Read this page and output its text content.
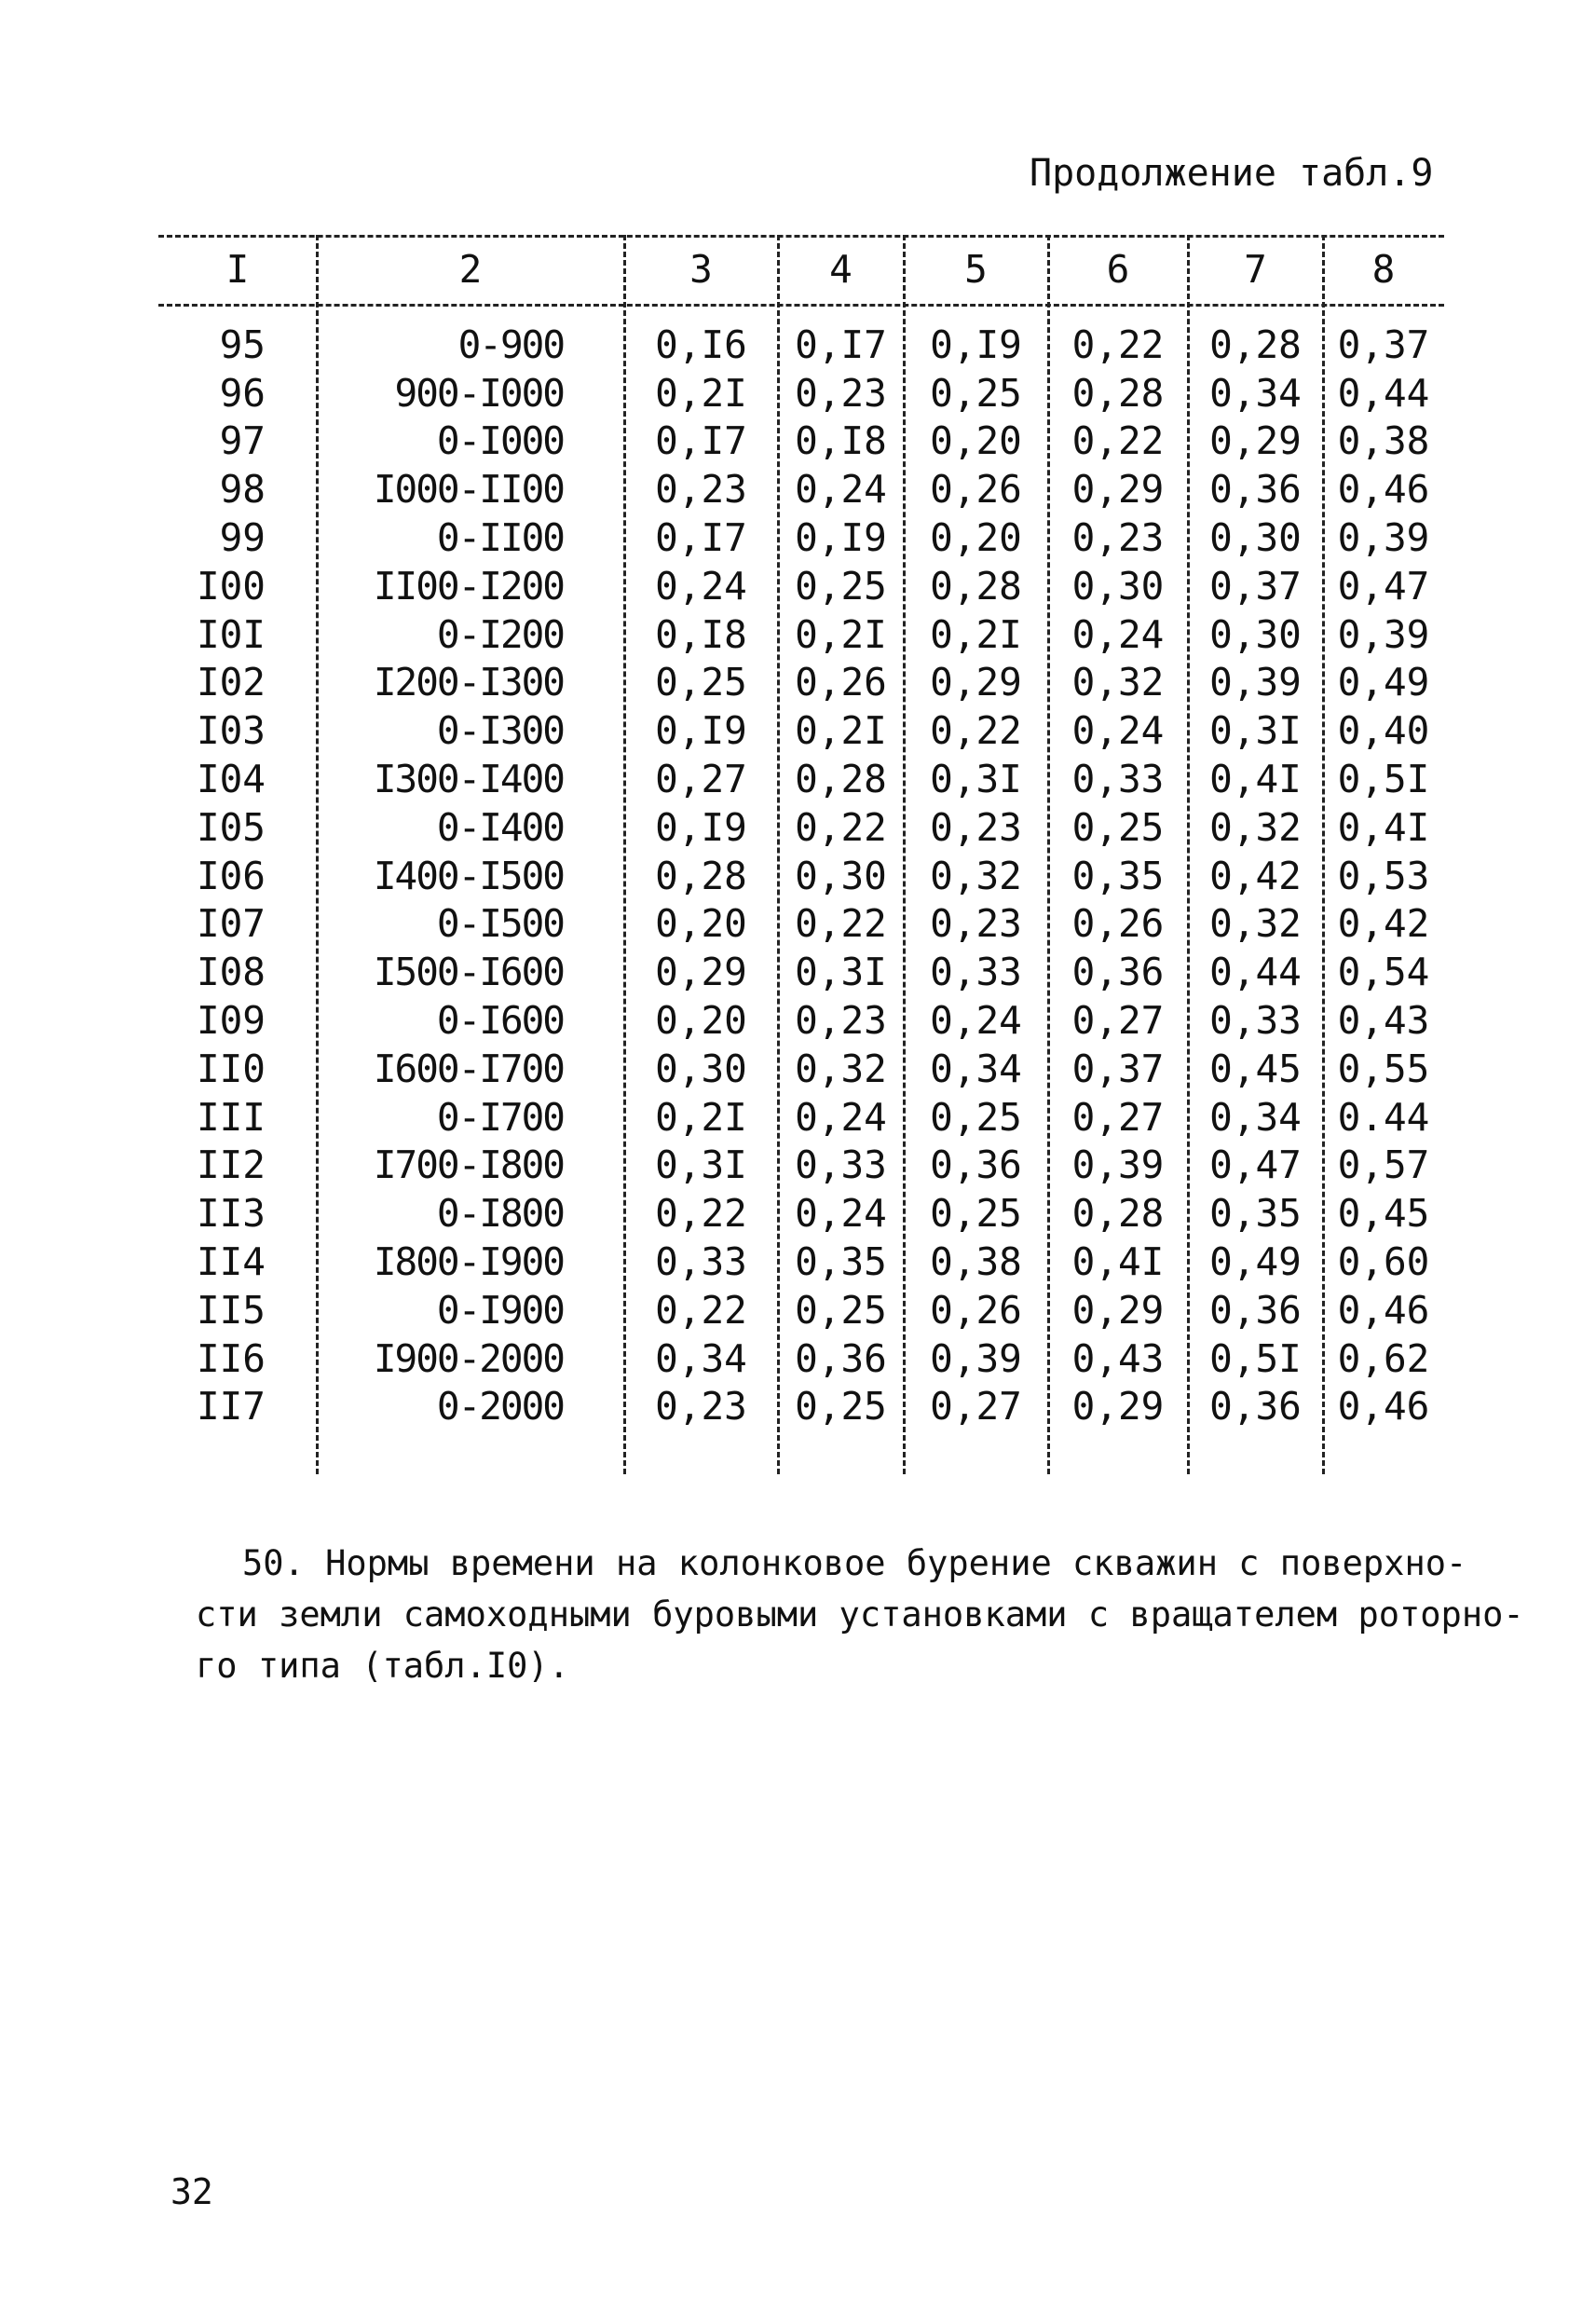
Продолжение табл.9
I	2	3	4	5	6	7	8
95	0-900	0,I6	0,I7	0,I9	0,22	0,28	0,37
96	900-I000	0,2I	0,23	0,25	0,28	0,34	0,44
97	0-I000	0,I7	0,I8	0,20	0,22	0,29	0,38
98	I000-II00	0,23	0,24	0,26	0,29	0,36	0,46
99	0-II00	0,I7	0,I9	0,20	0,23	0,30	0,39
I00	II00-I200	0,24	0,25	0,28	0,30	0,37	0,47
I0I	0-I200	0,I8	0,2I	0,2I	0,24	0,30	0,39
I02	I200-I300	0,25	0,26	0,29	0,32	0,39	0,49
I03	0-I300	0,I9	0,2I	0,22	0,24	0,3I	0,40
I04	I300-I400	0,27	0,28	0,3I	0,33	0,4I	0,5I
I05	0-I400	0,I9	0,22	0,23	0,25	0,32	0,4I
I06	I400-I500	0,28	0,30	0,32	0,35	0,42	0,53
I07	0-I500	0,20	0,22	0,23	0,26	0,32	0,42
I08	I500-I600	0,29	0,3I	0,33	0,36	0,44	0,54
I09	0-I600	0,20	0,23	0,24	0,27	0,33	0,43
II0	I600-I700	0,30	0,32	0,34	0,37	0,45	0,55
III	0-I700	0,2I	0,24	0,25	0,27	0,34	0.44
II2	I700-I800	0,3I	0,33	0,36	0,39	0,47	0,57
II3	0-I800	0,22	0,24	0,25	0,28	0,35	0,45
II4	I800-I900	0,33	0,35	0,38	0,4I	0,49	0,60
II5	0-I900	0,22	0,25	0,26	0,29	0,36	0,46
II6	I900-2000	0,34	0,36	0,39	0,43	0,5I	0,62
II7	0-2000	0,23	0,25	0,27	0,29	0,36	0,46
50. Нормы времени на колонковое бурение скважин с поверхно-
сти земли самоходными буровыми установками с вращателем роторно-
го типа (табл.I0).
32
